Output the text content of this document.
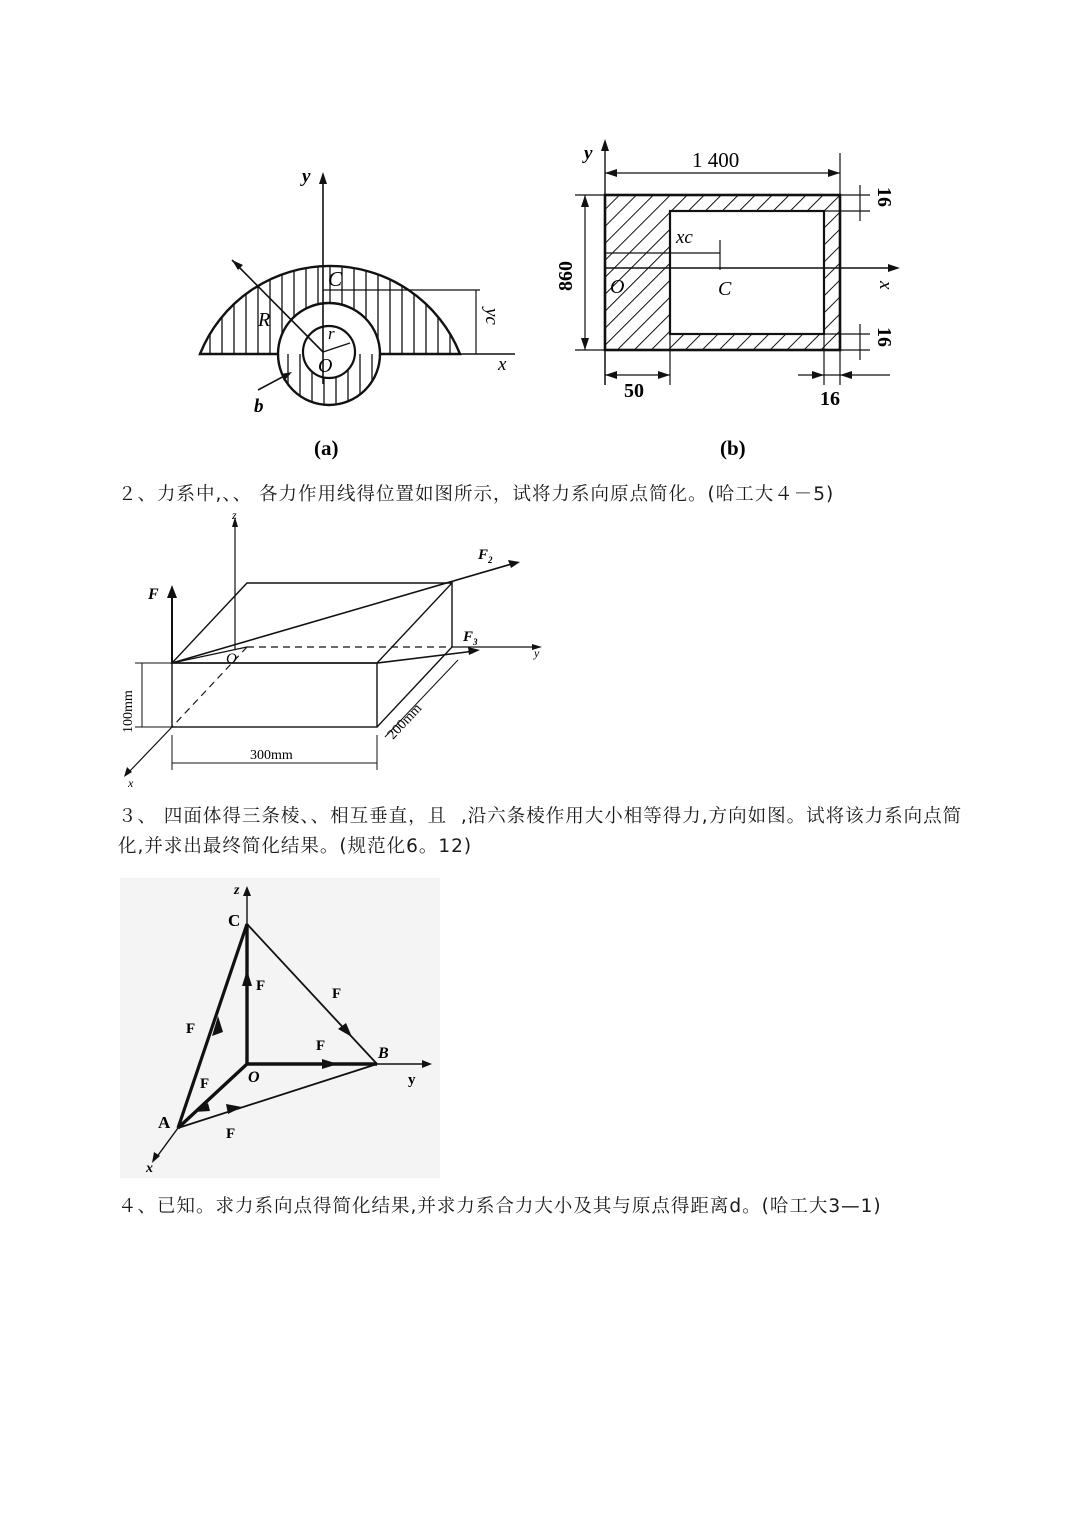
y
x
C
R
r
O
b
yc
(a)
y	1 400
860
16
16
50	16
xc
O	C	x
(b)
２、力系中,、、 各力作用线得位置如图所示，试将力系向原点简化。(哈工大４－5)
z
F
$F_2$
$F_3$
O	y
x
100mm
300mm
200mm
３、 四面体得三条棱、、相互垂直，且  ,沿六条棱作用大小相等得力,方向如图。试将该力系向点简化,并求出最终简化结果。(规范化6。12)
z
C
F	F
F
F
F
F
B
O	y
A
x
４、已知。求力系向点得简化结果,并求力系合力大小及其与原点得距离d。(哈工大3—1)
